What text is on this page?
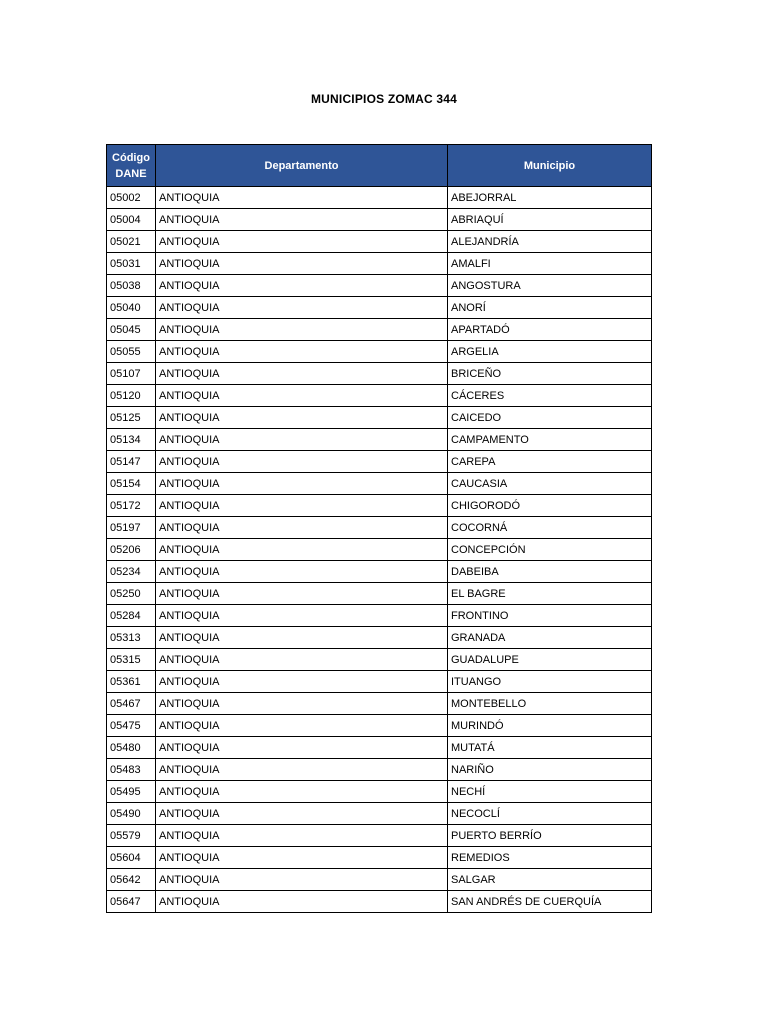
MUNICIPIOS ZOMAC 344
Código DANE	Departamento	Municipio
05002	ANTIOQUIA	ABEJORRAL
05004	ANTIOQUIA	ABRIAQUÍ
05021	ANTIOQUIA	ALEJANDRÍA
05031	ANTIOQUIA	AMALFI
05038	ANTIOQUIA	ANGOSTURA
05040	ANTIOQUIA	ANORÍ
05045	ANTIOQUIA	APARTADÓ
05055	ANTIOQUIA	ARGELIA
05107	ANTIOQUIA	BRICEÑO
05120	ANTIOQUIA	CÁCERES
05125	ANTIOQUIA	CAICEDO
05134	ANTIOQUIA	CAMPAMENTO
05147	ANTIOQUIA	CAREPA
05154	ANTIOQUIA	CAUCASIA
05172	ANTIOQUIA	CHIGORODÓ
05197	ANTIOQUIA	COCORNÁ
05206	ANTIOQUIA	CONCEPCIÓN
05234	ANTIOQUIA	DABEIBA
05250	ANTIOQUIA	EL BAGRE
05284	ANTIOQUIA	FRONTINO
05313	ANTIOQUIA	GRANADA
05315	ANTIOQUIA	GUADALUPE
05361	ANTIOQUIA	ITUANGO
05467	ANTIOQUIA	MONTEBELLO
05475	ANTIOQUIA	MURINDÓ
05480	ANTIOQUIA	MUTATÁ
05483	ANTIOQUIA	NARIÑO
05495	ANTIOQUIA	NECHÍ
05490	ANTIOQUIA	NECOCLÍ
05579	ANTIOQUIA	PUERTO BERRÍO
05604	ANTIOQUIA	REMEDIOS
05642	ANTIOQUIA	SALGAR
05647	ANTIOQUIA	SAN ANDRÉS DE CUERQUÍA
